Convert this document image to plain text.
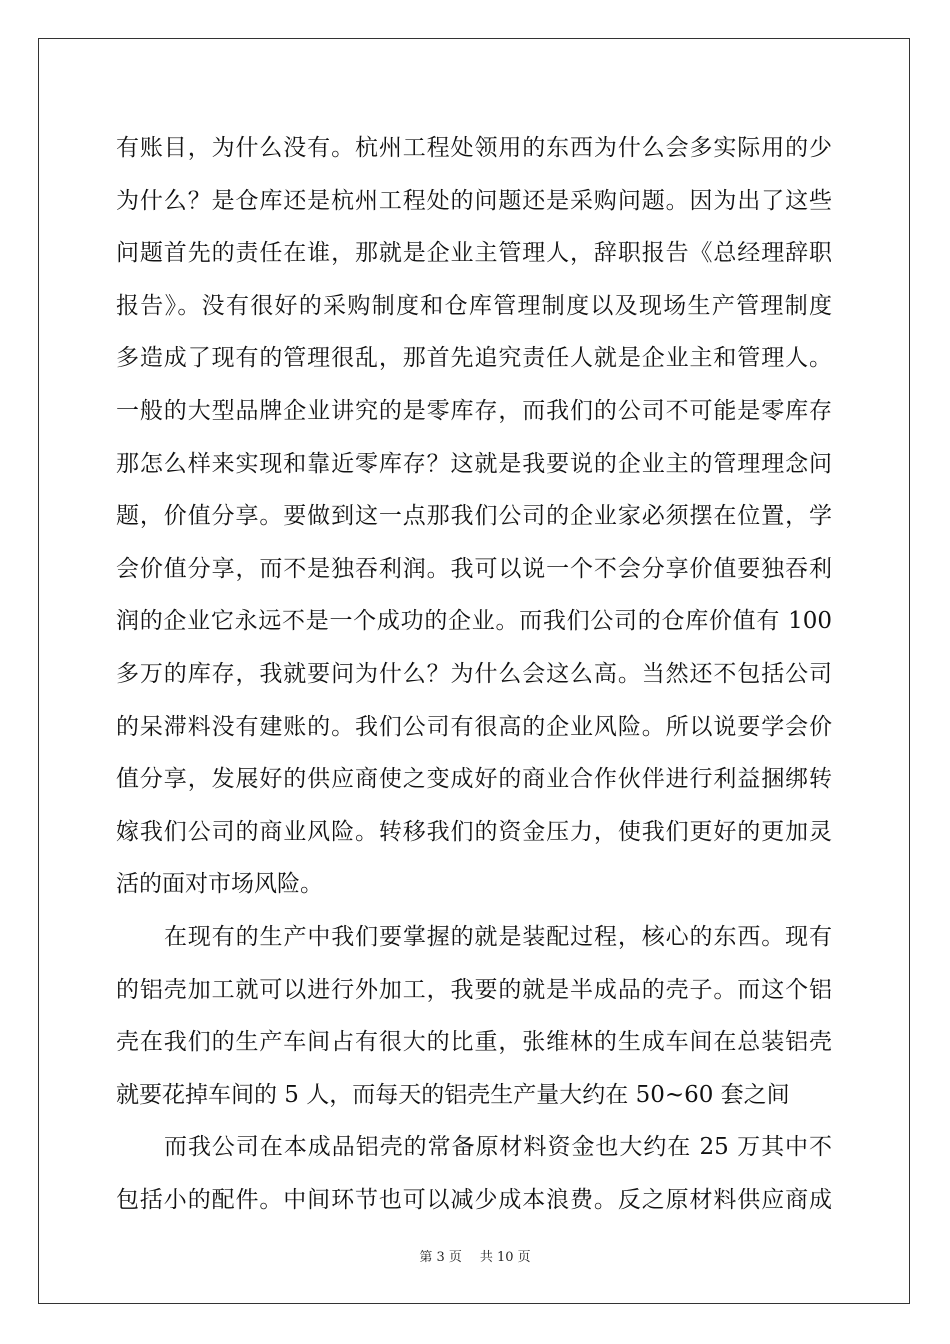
有账目，为什么没有。杭州工程处领用的东西为什么会多实际用的少
为什么？是仓库还是杭州工程处的问题还是采购问题。因为出了这些
问题首先的责任在谁，那就是企业主管理人，辞职报告《总经理辞职
报告》。没有很好的采购制度和仓库管理制度以及现场生产管理制度
多造成了现有的管理很乱，那首先追究责任人就是企业主和管理人。
一般的大型品牌企业讲究的是零库存，而我们的公司不可能是零库存
那怎么样来实现和靠近零库存？这就是我要说的企业主的管理理念问
题，价值分享。要做到这一点那我们公司的企业家必须摆在位置，学
会价值分享，而不是独吞利润。我可以说一个不会分享价值要独吞利
润的企业它永远不是一个成功的企业。而我们公司的仓库价值有 100
多万的库存，我就要问为什么？为什么会这么高。当然还不包括公司
的呆滞料没有建账的。我们公司有很高的企业风险。所以说要学会价
值分享，发展好的供应商使之变成好的商业合作伙伴进行利益捆绑转
嫁我们公司的商业风险。转移我们的资金压力，使我们更好的更加灵
活的面对市场风险。
在现有的生产中我们要掌握的就是装配过程，核心的东西。现有
的铝壳加工就可以进行外加工，我要的就是半成品的壳子。而这个铝
壳在我们的生产车间占有很大的比重，张维林的生成车间在总装铝壳
就要花掉车间的 5 人，而每天的铝壳生产量大约在 50~60 套之间
而我公司在本成品铝壳的常备原材料资金也大约在 25 万其中不
包括小的配件。中间环节也可以减少成本浪费。反之原材料供应商成
第 3 页 共 10 页
